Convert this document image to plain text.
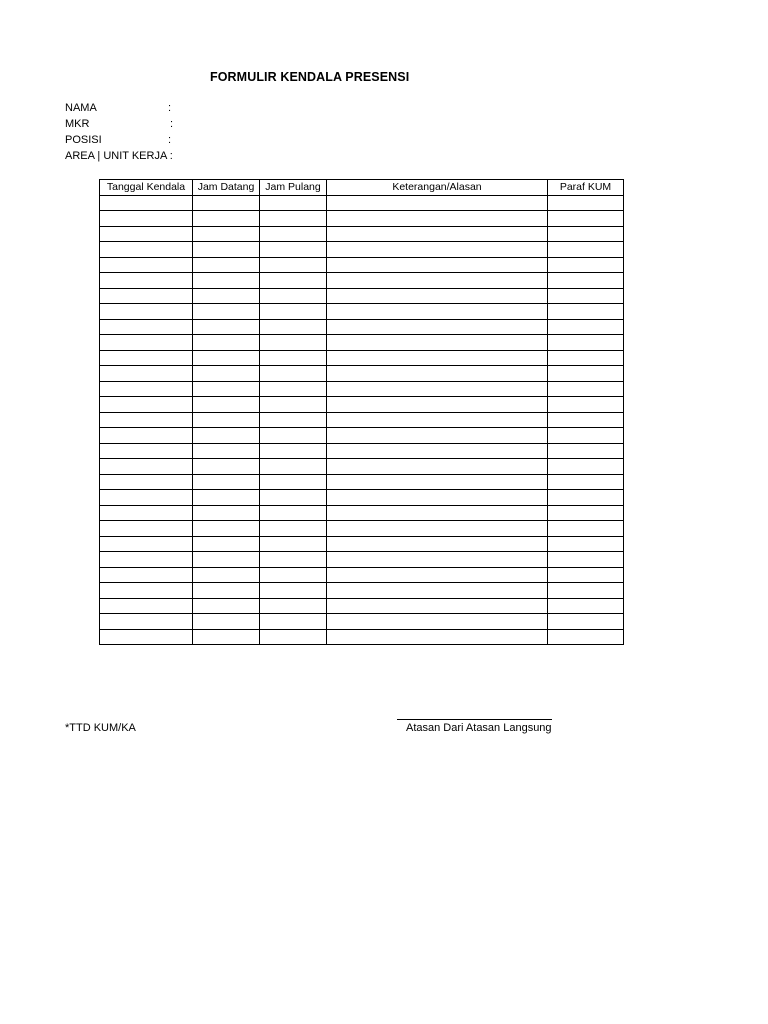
FORMULIR KENDALA PRESENSI
NAMA	:
MKR	:
POSISI	:
AREA | UNIT KERJA :
Tanggal Kendala	Jam Datang	Jam Pulang	Keterangan/Alasan	Paraf KUM

*TTD KUM/KA	Atasan Dari Atasan Langsung
